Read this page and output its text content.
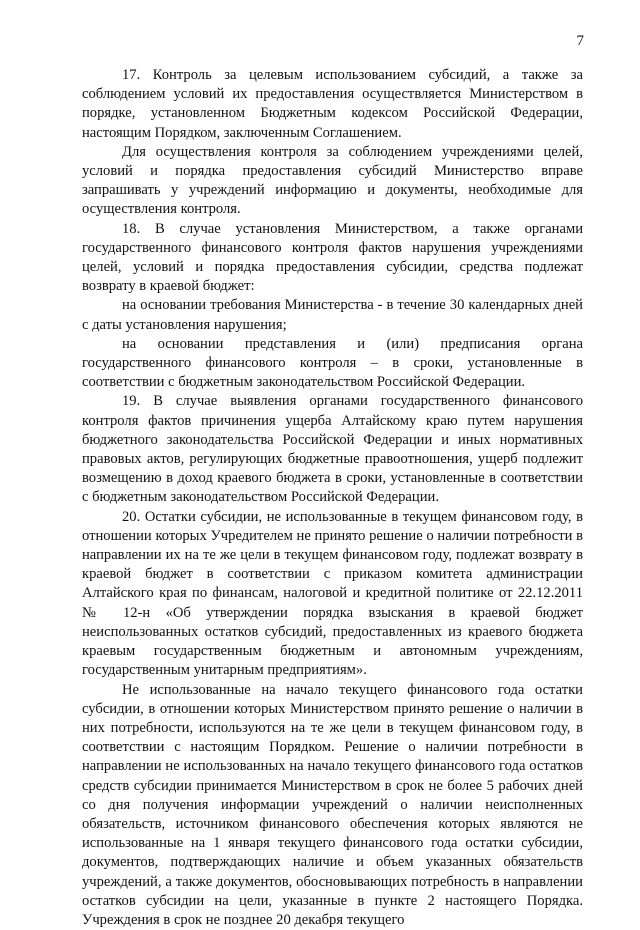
7

17. Контроль за целевым использованием субсидий, а также за соблюдением условий их предоставления осуществляется Министерством в порядке, установленном Бюджетным кодексом Российской Федерации, настоящим Порядком, заключенным Соглашением.

Для осуществления контроля за соблюдением учреждениями целей, условий и порядка предоставления субсидий Министерство вправе запрашивать у учреждений информацию и документы, необходимые для осуществления контроля.

18. В случае установления Министерством, а также органами государственного финансового контроля фактов нарушения учреждениями целей, условий и порядка предоставления субсидии, средства подлежат возврату в краевой бюджет:

на основании требования Министерства - в течение 30 календарных дней с даты установления нарушения;

на основании представления и (или) предписания органа государственного финансового контроля – в сроки, установленные в соответствии с бюджетным законодательством Российской Федерации.

19. В случае выявления органами государственного финансового контроля фактов причинения ущерба Алтайскому краю путем нарушения бюджетного законодательства Российской Федерации и иных нормативных правовых актов, регулирующих бюджетные правоотношения, ущерб подлежит возмещению в доход краевого бюджета в сроки, установленные в соответствии с бюджетным законодательством Российской Федерации.

20. Остатки субсидии, не использованные в текущем финансовом году, в отношении которых Учредителем не принято решение о наличии потребности в направлении их на те же цели в текущем финансовом году, подлежат возврату в краевой бюджет в соответствии с приказом комитета администрации Алтайского края по финансам, налоговой и кредитной политике от 22.12.2011 № 12-н «Об утверждении порядка взыскания в краевой бюджет неиспользованных остатков субсидий, предоставленных из краевого бюджета краевым государственным бюджетным и автономным учреждениям, государственным унитарным предприятиям».

Не использованные на начало текущего финансового года остатки субсидии, в отношении которых Министерством принято решение о наличии в них потребности, используются на те же цели в текущем финансовом году, в соответствии с настоящим Порядком. Решение о наличии потребности в направлении не использованных на начало текущего финансового года остатков средств субсидии принимается Министерством в срок не более 5 рабочих дней со дня получения информации учреждений о наличии неисполненных обязательств, источником финансового обеспечения которых являются не использованные на 1 января текущего финансового года остатки субсидии, документов, подтверждающих наличие и объем указанных обязательств учреждений, а также документов, обосновывающих потребность в направлении остатков субсидии на цели, указанные в пункте 2 настоящего Порядка. Учреждения в срок не позднее 20 декабря текущего
